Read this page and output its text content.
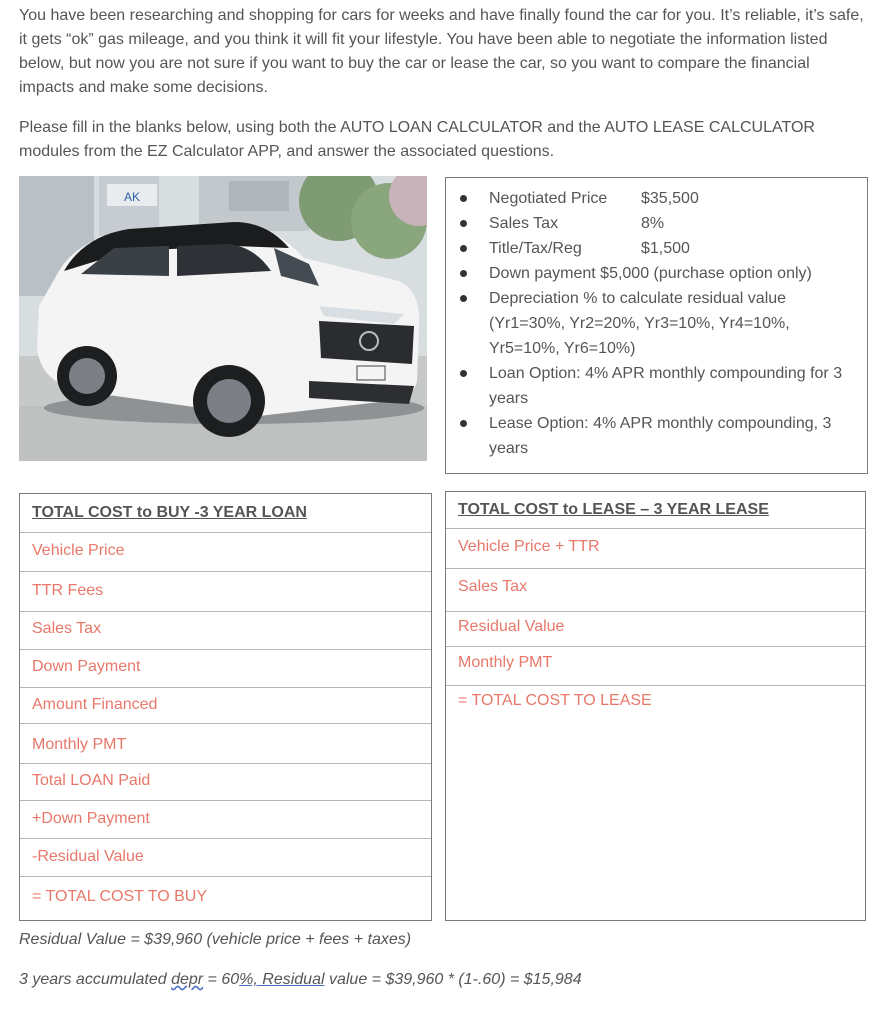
You have been researching and shopping for cars for weeks and have finally found the car for you. It’s reliable, it’s safe, it gets “ok” gas mileage, and you think it will fit your lifestyle. You have been able to negotiate the information listed below, but now you are not sure if you want to buy the car or lease the car, so you want to compare the financial impacts and make some decisions.

Please fill in the blanks below, using both the AUTO LOAN CALCULATOR and the AUTO LEASE CALCULATOR modules from the EZ Calculator APP, and answer the associated questions.

AK	Negotiated Price $35,500
Sales Tax	8%
Title/Tax/Reg	$1,500
Down payment $5,000 (purchase option only)
Depreciation % to calculate residual value (Yr1=30%, Yr2=20%, Yr3=10%, Yr4=10%, Yr5=10%, Yr6=10%)
Loan Option: 4% APR monthly compounding for 3 years
Lease Option: 4% APR monthly compounding, 3 years
TOTAL COST to BUY -3 YEAR LOAN
Vehicle Price
TTR Fees
Sales Tax
Down Payment
Amount Financed
Monthly PMT
Total LOAN Paid
+Down Payment
-Residual Value
= TOTAL COST TO BUY
TOTAL COST to LEASE – 3 YEAR LEASE
Vehicle Price + TTR
Sales Tax
Residual Value
Monthly PMT
= TOTAL COST TO LEASE

Residual Value = $39,960 (vehicle price + fees + taxes)

3 years accumulated depr = 60%, Residual value = $39,960 * (1-.60) = $15,984
